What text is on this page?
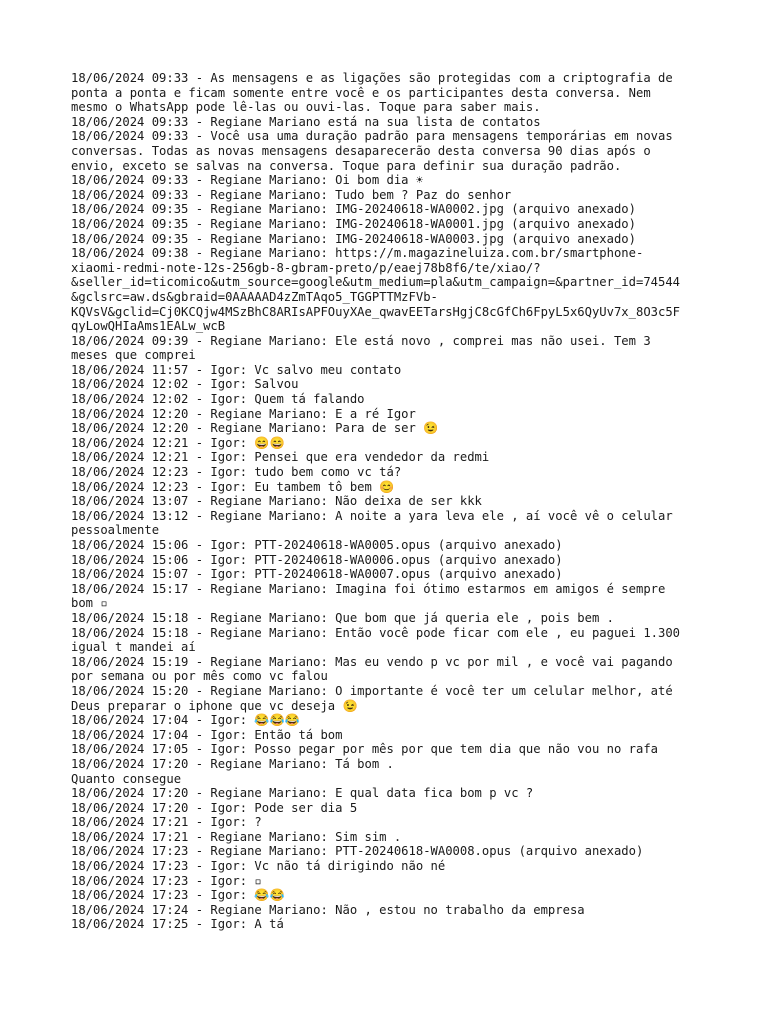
18/06/2024 09:33 - As mensagens e as ligações são protegidas com a criptografia de
ponta a ponta e ficam somente entre você e os participantes desta conversa. Nem
mesmo o WhatsApp pode lê-las ou ouvi-las. Toque para saber mais.
18/06/2024 09:33 - Regiane Mariano está na sua lista de contatos
18/06/2024 09:33 - Você usa uma duração padrão para mensagens temporárias em novas
conversas. Todas as novas mensagens desaparecerão desta conversa 90 dias após o
envio, exceto se salvas na conversa. Toque para definir sua duração padrão.
18/06/2024 09:33 - Regiane Mariano: Oi bom dia ☀
18/06/2024 09:33 - Regiane Mariano: Tudo bem ? Paz do senhor
18/06/2024 09:35 - Regiane Mariano: IMG-20240618-WA0002.jpg (arquivo anexado)
18/06/2024 09:35 - Regiane Mariano: IMG-20240618-WA0001.jpg (arquivo anexado)
18/06/2024 09:35 - Regiane Mariano: IMG-20240618-WA0003.jpg (arquivo anexado)
18/06/2024 09:38 - Regiane Mariano: https://m.magazineluiza.com.br/smartphone-
xiaomi-redmi-note-12s-256gb-8-gbram-preto/p/eaej78b8f6/te/xiao/?
&seller_id=ticomico&utm_source=google&utm_medium=pla&utm_campaign=&partner_id=74544
&gclsrc=aw.ds&gbraid=0AAAAAD4zZmTAqo5_TGGPTTMzFVb-
KQVsV&gclid=Cj0KCQjw4MSzBhC8ARIsAPFOuyXAe_qwavEETarsHgjC8cGfCh6FpyL5x6QyUv7x_8O3c5F
qyLowQHIaAms1EALw_wcB
18/06/2024 09:39 - Regiane Mariano: Ele está novo , comprei mas não usei. Tem 3
meses que comprei
18/06/2024 11:57 - Igor: Vc salvo meu contato
18/06/2024 12:02 - Igor: Salvou
18/06/2024 12:02 - Igor: Quem tá falando
18/06/2024 12:20 - Regiane Mariano: E a ré Igor
18/06/2024 12:20 - Regiane Mariano: Para de ser 😉
18/06/2024 12:21 - Igor: 😄😄
18/06/2024 12:21 - Igor: Pensei que era vendedor da redmi
18/06/2024 12:23 - Igor: tudo bem como vc tá?
18/06/2024 12:23 - Igor: Eu tambem tô bem 😊
18/06/2024 13:07 - Regiane Mariano: Não deixa de ser kkk
18/06/2024 13:12 - Regiane Mariano: A noite a yara leva ele , aí você vê o celular
pessoalmente
18/06/2024 15:06 - Igor: PTT-20240618-WA0005.opus (arquivo anexado)
18/06/2024 15:06 - Igor: PTT-20240618-WA0006.opus (arquivo anexado)
18/06/2024 15:07 - Igor: PTT-20240618-WA0007.opus (arquivo anexado)
18/06/2024 15:17 - Regiane Mariano: Imagina foi ótimo estarmos em amigos é sempre
bom ▫
18/06/2024 15:18 - Regiane Mariano: Que bom que já queria ele , pois bem .
18/06/2024 15:18 - Regiane Mariano: Então você pode ficar com ele , eu paguei 1.300
igual t mandei aí
18/06/2024 15:19 - Regiane Mariano: Mas eu vendo p vc por mil , e você vai pagando
por semana ou por mês como vc falou
18/06/2024 15:20 - Regiane Mariano: O importante é você ter um celular melhor, até
Deus preparar o iphone que vc deseja 😉
18/06/2024 17:04 - Igor: 😂😂😂
18/06/2024 17:04 - Igor: Então tá bom
18/06/2024 17:05 - Igor: Posso pegar por mês por que tem dia que não vou no rafa
18/06/2024 17:20 - Regiane Mariano: Tá bom .
Quanto consegue
18/06/2024 17:20 - Regiane Mariano: E qual data fica bom p vc ?
18/06/2024 17:20 - Igor: Pode ser dia 5
18/06/2024 17:21 - Igor: ?
18/06/2024 17:21 - Regiane Mariano: Sim sim .
18/06/2024 17:23 - Regiane Mariano: PTT-20240618-WA0008.opus (arquivo anexado)
18/06/2024 17:23 - Igor: Vc não tá dirigindo não né
18/06/2024 17:23 - Igor: ▫
18/06/2024 17:23 - Igor: 😂😂
18/06/2024 17:24 - Regiane Mariano: Não , estou no trabalho da empresa
18/06/2024 17:25 - Igor: A tá
